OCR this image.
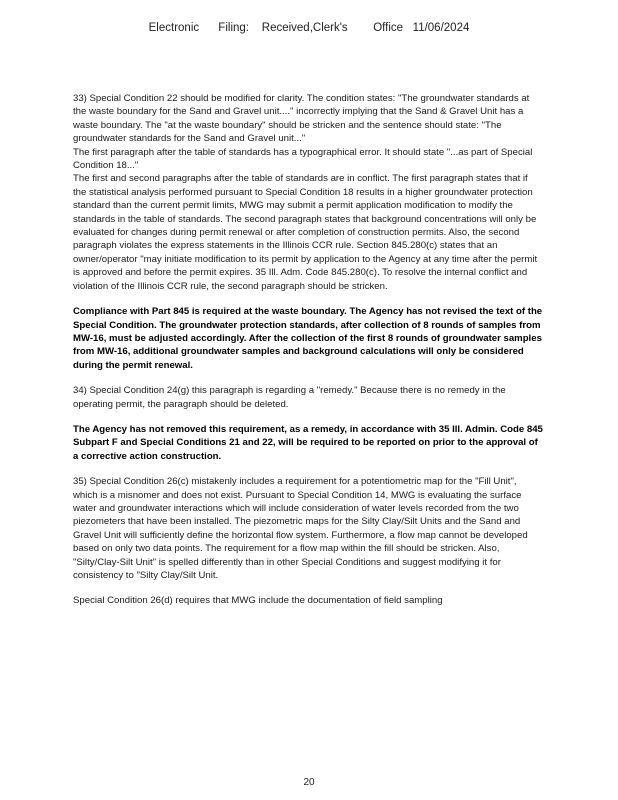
Electronic      Filing:    Received,Clerk's        Office   11/06/2024

33) Special Condition 22 should be modified for clarity. The condition states: "The groundwater standards at the waste boundary for the Sand and Gravel unit...." incorrectly implying that the Sand & Gravel Unit has a waste boundary. The "at the waste boundary" should be stricken and the sentence should state: "The groundwater standards for the Sand and Gravel unit..."

The first paragraph after the table of standards has a typographical error. It should state "...as part of Special Condition 18..."

The first and second paragraphs after the table of standards are in conflict. The first paragraph states that if the statistical analysis performed pursuant to Special Condition 18 results in a higher groundwater protection standard than the current permit limits, MWG may submit a permit application modification to modify the standards in the table of standards. The second paragraph states that background concentrations will only be evaluated for changes during permit renewal or after completion of construction permits. Also, the second paragraph violates the express statements in the Illinois CCR rule. Section 845.280(c) states that an owner/operator "may initiate modification to its permit by application to the Agency at any time after the permit is approved and before the permit expires. 35 Ill. Adm. Code 845.280(c). To resolve the internal conflict and violation of the Illinois CCR rule, the second paragraph should be stricken.

Compliance with Part 845 is required at the waste boundary. The Agency has not revised the text of the Special Condition. The groundwater protection standards, after collection of 8 rounds of samples from MW-16, must be adjusted accordingly. After the collection of the first 8 rounds of groundwater samples from MW-16, additional groundwater samples and background calculations will only be considered during the permit renewal.

34) Special Condition 24(g) this paragraph is regarding a "remedy." Because there is no remedy in the operating permit, the paragraph should be deleted.

The Agency has not removed this requirement, as a remedy, in accordance with 35 Ill. Admin. Code 845 Subpart F and Special Conditions 21 and 22, will be required to be reported on prior to the approval of a corrective action construction.

35) Special Condition 26(c) mistakenly includes a requirement for a potentiometric map for the "Fill Unit", which is a misnomer and does not exist. Pursuant to Special Condition 14, MWG is evaluating the surface water and groundwater interactions which will include consideration of water levels recorded from the two piezometers that have been installed. The piezometric maps for the Silty Clay/Silt Units and the Sand and Gravel Unit will sufficiently define the horizontal flow system. Furthermore, a flow map cannot be developed based on only two data points. The requirement for a flow map within the fill should be stricken. Also, "Silty/Clay-Silt Unit" is spelled differently than in other Special Conditions and suggest modifying it for consistency to "Silty Clay/Silt Unit.

Special Condition 26(d) requires that MWG include the documentation of field sampling

20
